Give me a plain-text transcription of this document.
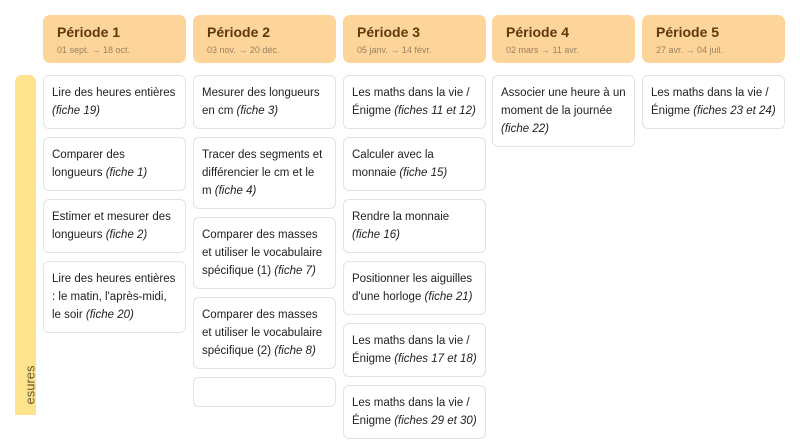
esures
Période 1
01 sept. → 18 oct.
Lire des heures entières (fiche 19)
Comparer des longueurs (fiche 1)
Estimer et mesurer des longueurs (fiche 2)
Lire des heures entières : le matin, l'après-midi, le soir (fiche 20)
Période 2
03 nov. → 20 déc.
Mesurer des longueurs en cm (fiche 3)
Tracer des segments et différencier le cm et le m (fiche 4)
Comparer des masses et utiliser le vocabulaire spécifique (1) (fiche 7)
Comparer des masses et utiliser le vocabulaire spécifique (2) (fiche 8)
Période 3
05 janv. → 14 févr.
Les maths dans la vie / Énigme (fiches 11 et 12)
Calculer avec la monnaie (fiche 15)
Rendre la monnaie (fiche 16)
Positionner les aiguilles d'une horloge (fiche 21)
Les maths dans la vie / Énigme (fiches 17 et 18)
Les maths dans la vie / Énigme (fiches 29 et 30)
Période 4
02 mars → 11 avr.
Associer une heure à un moment de la journée (fiche 22)
Période 5
27 avr. → 04 juil.
Les maths dans la vie / Énigme (fiches 23 et 24)
